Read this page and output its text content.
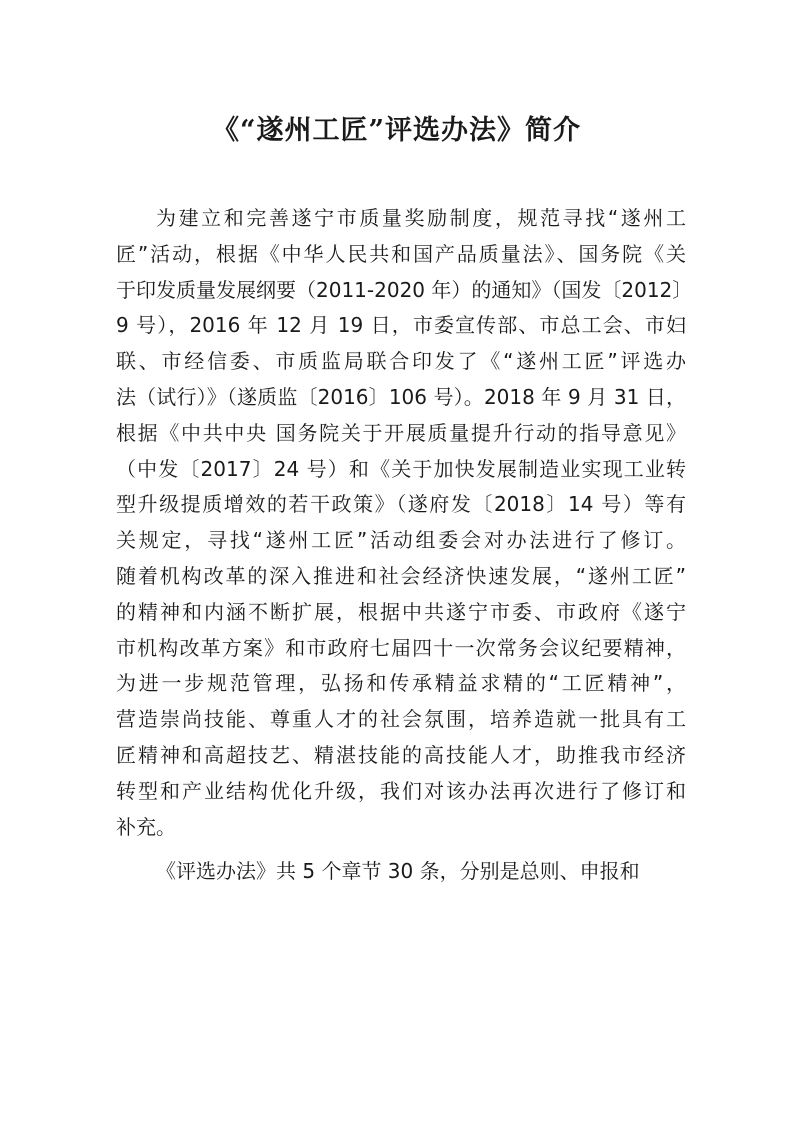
《“遂州工匠”评选办法》简介
为建立和完善遂宁市质量奖励制度，规范寻找“遂州工
匠”活动，根据《中华人民共和国产品质量法》、国务院《关
于印发质量发展纲要（2011-2020 年）的通知》（国发〔2012〕
9 号），2016 年 12 月 19 日，市委宣传部、市总工会、市妇
联、市经信委、市质监局联合印发了《“遂州工匠”评选办
法（试行）》（遂质监〔2016〕106 号）。2018 年 9 月 31 日，
根据《中共中央 国务院关于开展质量提升行动的指导意见》
（中发〔2017〕24 号）和《关于加快发展制造业实现工业转
型升级提质增效的若干政策》（遂府发〔2018〕14 号）等有
关规定，寻找“遂州工匠”活动组委会对办法进行了修订。
随着机构改革的深入推进和社会经济快速发展，“遂州工匠”
的精神和内涵不断扩展，根据中共遂宁市委、市政府《遂宁
市机构改革方案》和市政府七届四十一次常务会议纪要精神，
为进一步规范管理，弘扬和传承精益求精的“工匠精神”，
营造崇尚技能、尊重人才的社会氛围，培养造就一批具有工
匠精神和高超技艺、精湛技能的高技能人才，助推我市经济
转型和产业结构优化升级，我们对该办法再次进行了修订和
补充。
《评选办法》共 5 个章节 30 条，分别是总则、申报和
